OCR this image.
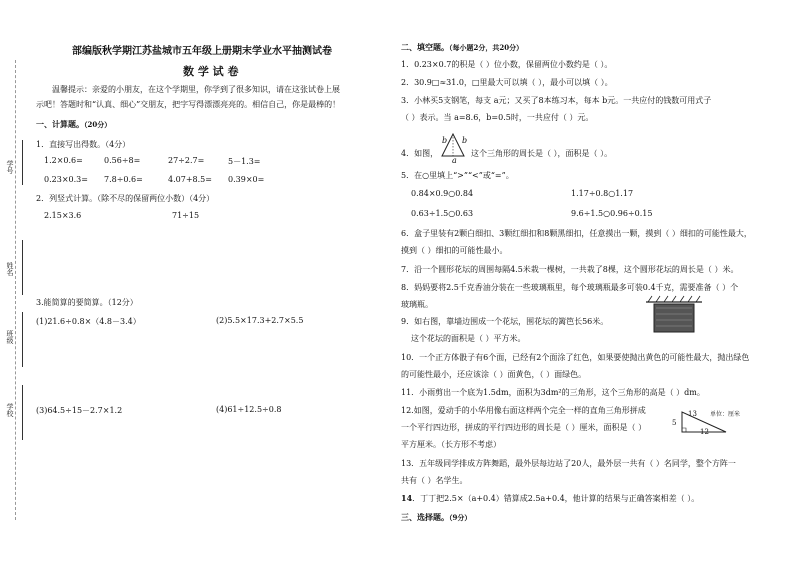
学号
姓名
班级
学校
部编版秋学期江苏盐城市五年级上册期末学业水平抽测试卷
数 学 试 卷
温馨提示：亲爱的小朋友，在这个学期里，你学到了很多知识，请在这张试卷上展
示吧！答题时和“认真、细心”交朋友，把字写得漂漂亮亮的。相信自己，你是最棒的！
一、计算题。（20分）
1．直接写出得数。（4分）
1.2×0.6=	0.56÷8=	27÷2.7=	5－1.3=
0.23×0.3= 7.8÷0.6=	4.07+8.5= 0.39×0=
2．列竖式计算。（除不尽的保留两位小数）（4分）
2.15×3.6	71÷15
3.能简算的要简算。（12分）
(1)21.6÷0.8×（4.8－3.4）	(2)5.5×17.3+2.7×5.5
(3)64.5÷15－2.7×1.2	(4)61÷12.5÷0.8
二、填空题。（每小题2分，共20分）
1．0.23×0.7的积是（ ）位小数，保留两位小数约是（ ）。
2．30.9□≈31.0，□里最大可以填（ ），最小可以填（ ）。
3．小林买5支钢笔，每支 a元；又买了8本练习本，每本 b元。一共应付的钱数可用式子
（ ）表示。当 a=8.6，b=0.5时，一共应付（ ）元。
4．如图，
b b
a
这个三角形的周长是（ ），面积是（ ）。
5．在○里填上“>”“<”或“=”。
0.84×0.9○0.84	1.17÷0.8○1.17
0.63÷1.5○0.63	9.6÷1.5○0.96÷0.15
6．盒子里装有2颗白细扣、3颗红细扣和8颗黑细扣，任意摸出一颗，摸到（ ）细扣的可能性最大，
摸到（ ）细扣的可能性最小。
7．沿一个圆形花坛的周围每隔4.5米栽一棵树，一共栽了8棵，这个圆形花坛的周长是（ ）米。
8．妈妈要将2.5千克香油分装在一些玻璃瓶里，每个玻璃瓶最多可装0.4千克，需要准备（ ）个
玻璃瓶。
9．如右图，靠墙边围成一个花坛，围花坛的篱笆长56米。
这个花坛的面积是（ ）平方米。
10．一个正方体骰子有6个面，已经有2个面涂了红色，如果要使抛出黄色的可能性最大，抛出绿色
的可能性最小，还应该涂（ ）面黄色，（ ）面绿色。
11．小雨剪出一个底为1.5dm，面积为3dm²的三角形，这个三角形的高是（ ）dm。
12.如图，爱动手的小华用像右面这样两个完全一样的直角三角形拼成
一个平行四边形，拼成的平行四边形的周长是（ ）厘米，面积是（ ）
平方厘米。（长方形不考虑）
13
5
12
单位：厘米
13．五年级同学排成方阵舞蹈，最外层每边站了20人，最外层一共有（ ）名同学，整个方阵一
共有（ ）名学生。
14．丁丁把2.5×（a+0.4）错算成2.5a+0.4，他计算的结果与正确答案相差（ ）。
三、选择题。（9分）
